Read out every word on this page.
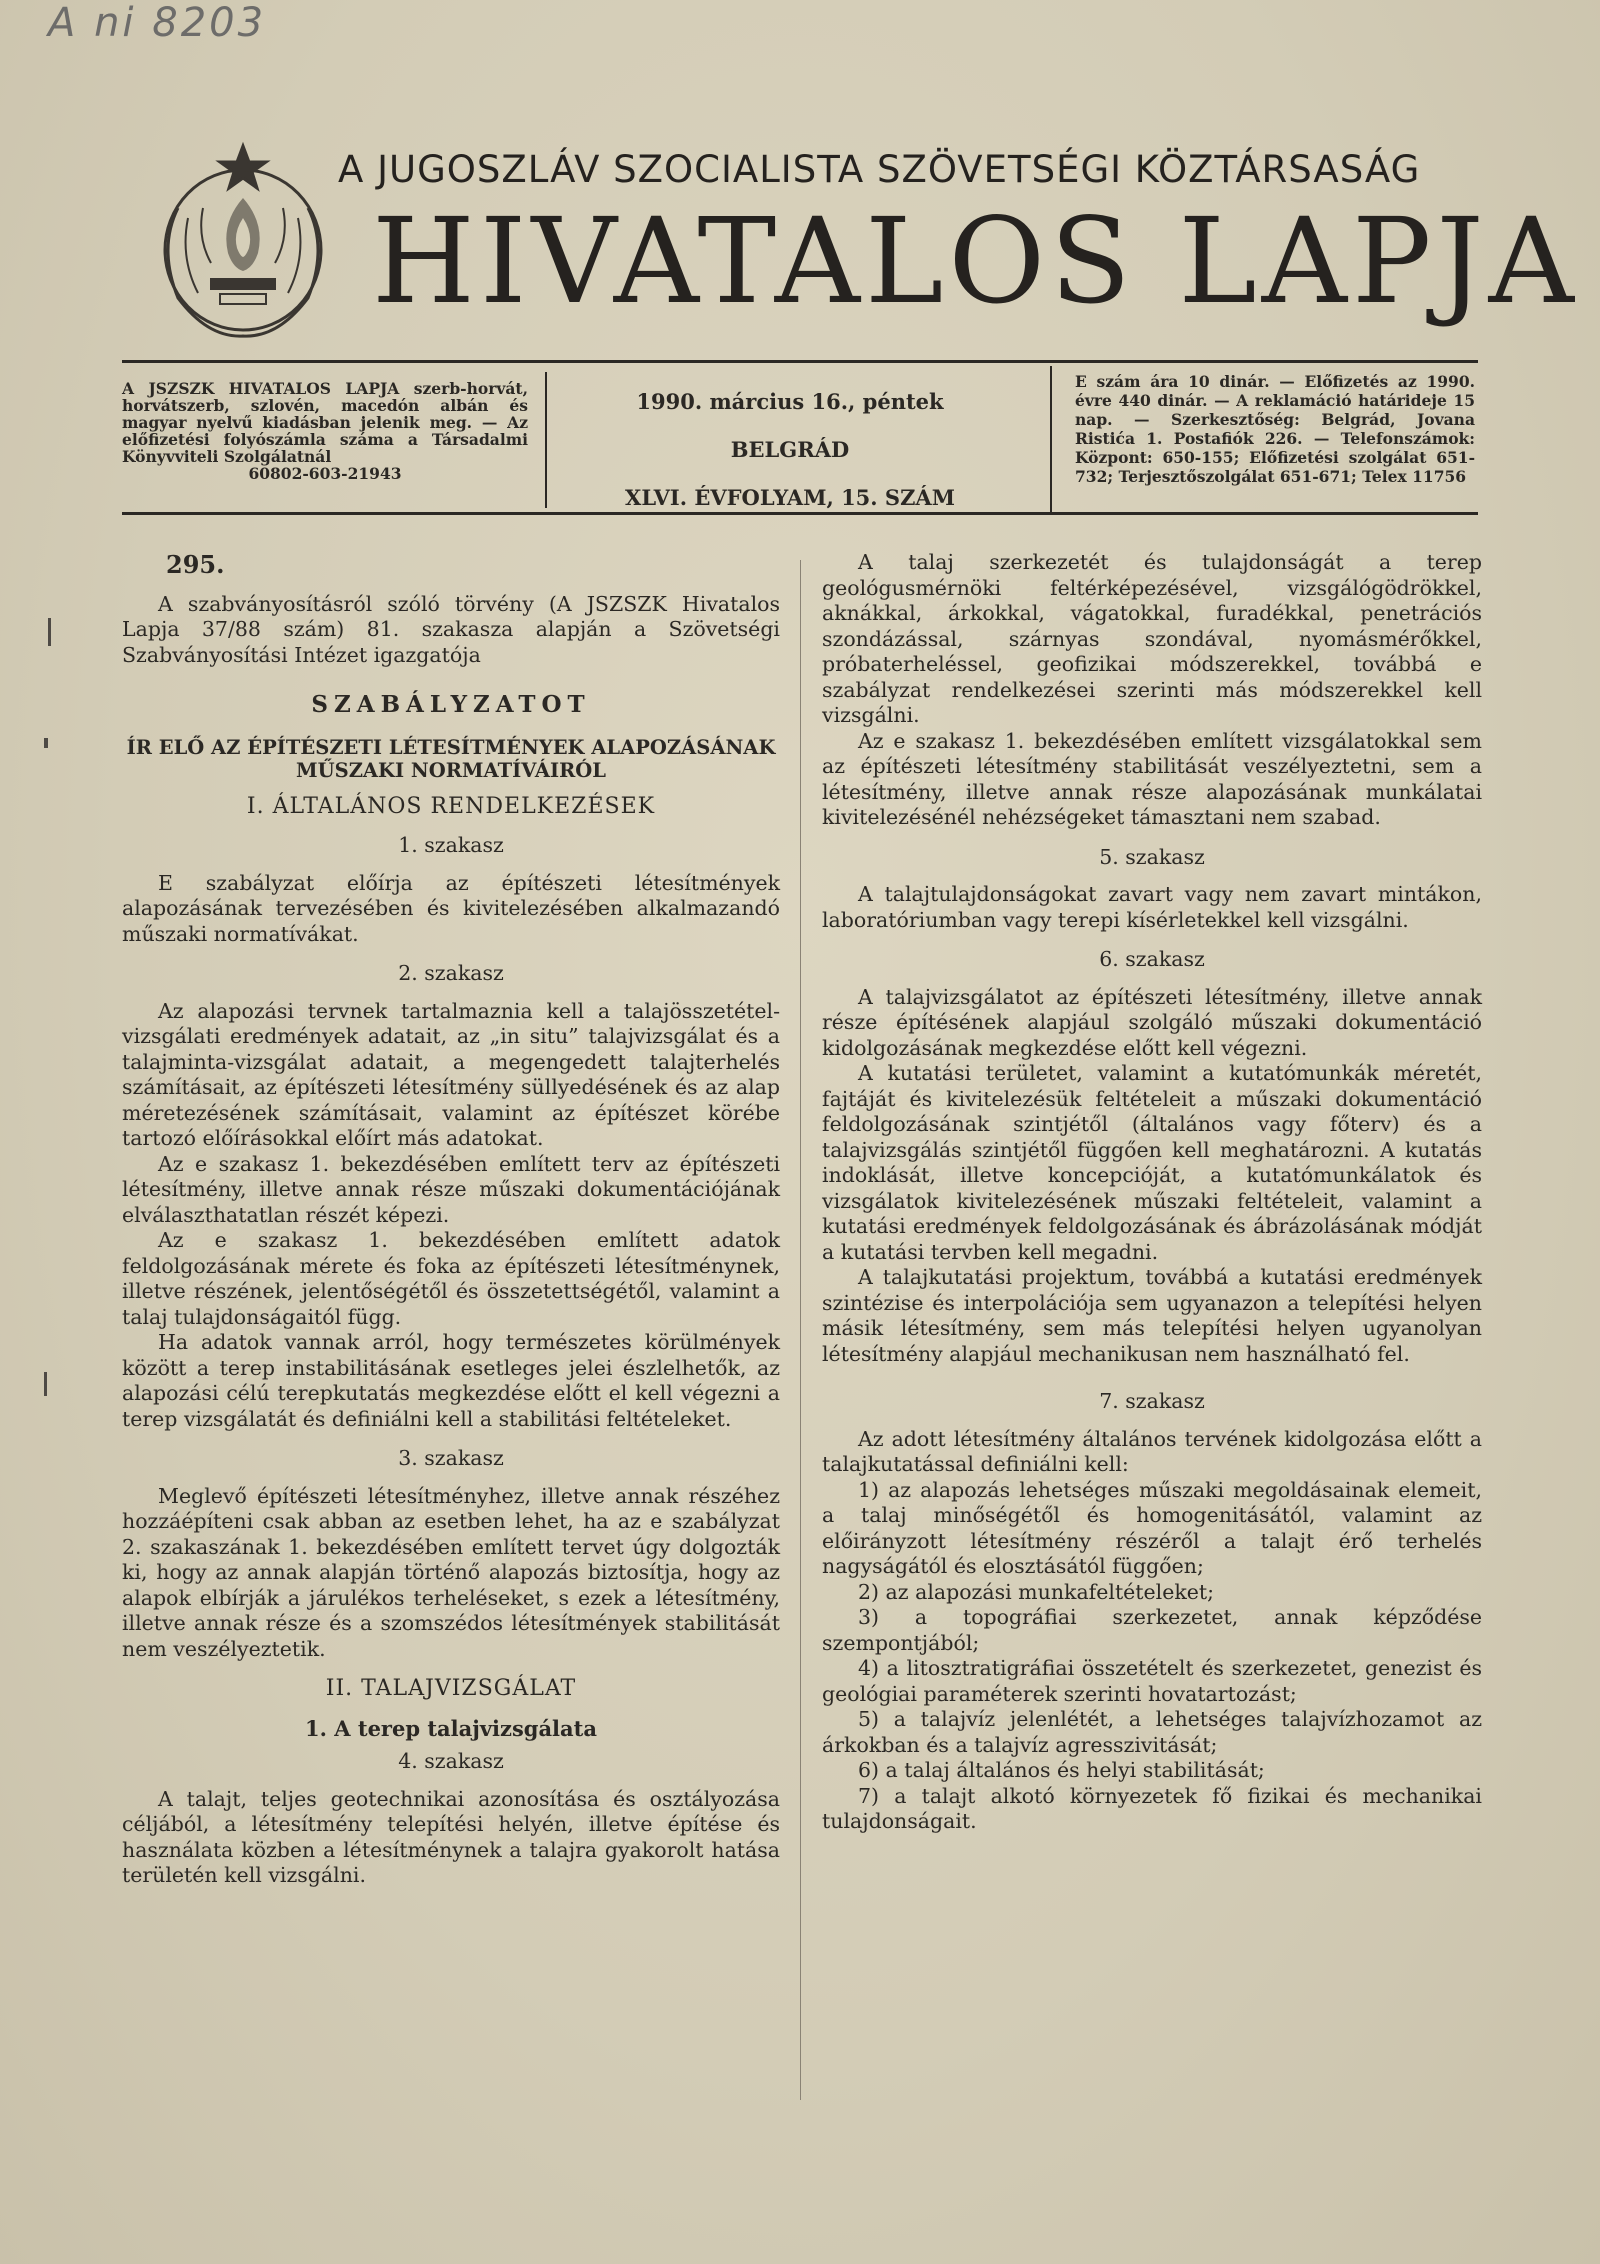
A ni 8203
A JUGOSZLÁV SZOCIALISTA SZÖVETSÉGI KÖZTÁRSASÁG
HIVATALOS LAPJA
A JSZSZK HIVATALOS LAPJA szerb-horvát, horvátszerb, szlovén, macedón albán és magyar nyelvű kiadásban jelenik meg. — Az előfizetési folyószámla száma a Társadalmi Könyvviteli Szolgálatnál
60802-603-21943
1990. március 16., péntek
BELGRÁD
XLVI. ÉVFOLYAM, 15. SZÁM
E szám ára 10 dinár. — Előfizetés az 1990. évre 440 dinár. — A reklamáció határideje 15 nap. — Szerkesztőség: Belgrád, Jovana Ristića 1. Postafiók 226. — Telefonszámok: Központ: 650-155; Előfizetési szolgálat 651-732; Terjesztőszolgálat 651-671; Telex 11756
295.

A szabványosításról szóló törvény (A JSZSZK Hivatalos Lapja 37/88 szám) 81. szakasza alapján a Szövetségi Szabványosítási Intézet igazgatója

SZABÁLYZATOT
ÍR ELŐ AZ ÉPÍTÉSZETI LÉTESÍTMÉNYEK ALAPOZÁSÁNAK MŰSZAKI NORMATÍVÁIRÓL
I. ÁLTALÁNOS RENDELKEZÉSEK
1. szakasz

E szabályzat előírja az építészeti létesítmények alapozásának tervezésében és kivitelezésében alkalmazandó műszaki normatívákat.

2. szakasz

Az alapozási tervnek tartalmaznia kell a talajösszetétel-vizsgálati eredmények adatait, az „in situ” talajvizsgálat és a talajminta-vizsgálat adatait, a megengedett talajterhelés számításait, az építészeti létesítmény süllyedésének és az alap méretezésének számításait, valamint az építészet körébe tartozó előírásokkal előírt más adatokat.

Az e szakasz 1. bekezdésében említett terv az építészeti létesítmény, illetve annak része műszaki dokumentációjának elválaszthatatlan részét képezi.

Az e szakasz 1. bekezdésében említett adatok feldolgozásának mérete és foka az építészeti létesítménynek, illetve részének, jelentőségétől és összetettségétől, valamint a talaj tulajdonságaitól függ.

Ha adatok vannak arról, hogy természetes körülmények között a terep instabilitásának esetleges jelei észlelhetők, az alapozási célú terepkutatás megkezdése előtt el kell végezni a terep vizsgálatát és definiálni kell a stabilitási feltételeket.

3. szakasz

Meglevő építészeti létesítményhez, illetve annak részéhez hozzáépíteni csak abban az esetben lehet, ha az e szabályzat 2. szakaszának 1. bekezdésében említett tervet úgy dolgozták ki, hogy az annak alapján történő alapozás biztosítja, hogy az alapok elbírják a járulékos terheléseket, s ezek a létesítmény, illetve annak része és a szomszédos létesítmények stabilitását nem veszélyeztetik.

II. TALAJVIZSGÁLAT
1. A terep talajvizsgálata
4. szakasz

A talajt, teljes geotechnikai azonosítása és osztályozása céljából, a létesítmény telepítési helyén, illetve építése és használata közben a létesítménynek a talajra gyakorolt hatása területén kell vizsgálni.

A talaj szerkezetét és tulajdonságát a terep geológusmérnöki feltérképezésével, vizsgálógödrökkel, aknákkal, árkokkal, vágatokkal, furadékkal, penetrációs szondázással, szárnyas szondával, nyomásmérőkkel, próbaterheléssel, geofizikai módszerekkel, továbbá e szabályzat rendelkezései szerinti más módszerekkel kell vizsgálni.

Az e szakasz 1. bekezdésében említett vizsgálatokkal sem az építészeti létesítmény stabilitását veszélyeztetni, sem a létesítmény, illetve annak része alapozásának munkálatai kivitelezésénél nehézségeket támasztani nem szabad.

5. szakasz

A talajtulajdonságokat zavart vagy nem zavart mintákon, laboratóriumban vagy terepi kísérletekkel kell vizsgálni.

6. szakasz

A talajvizsgálatot az építészeti létesítmény, illetve annak része építésének alapjául szolgáló műszaki dokumentáció kidolgozásának megkezdése előtt kell végezni.

A kutatási területet, valamint a kutatómunkák méretét, fajtáját és kivitelezésük feltételeit a műszaki dokumentáció feldolgozásának szintjétől (általános vagy főterv) és a talajvizsgálás szintjétől függően kell meghatározni. A kutatás indoklását, illetve koncepcióját, a kutatómunkálatok és vizsgálatok kivitelezésének műszaki feltételeit, valamint a kutatási eredmények feldolgozásának és ábrázolásának módját a kutatási tervben kell megadni.

A talajkutatási projektum, továbbá a kutatási eredmények szintézise és interpolációja sem ugyanazon a telepítési helyen másik létesítmény, sem más telepítési helyen ugyanolyan létesítmény alapjául mechanikusan nem használható fel.

7. szakasz

Az adott létesítmény általános tervének kidolgozása előtt a talajkutatással definiálni kell:

1) az alapozás lehetséges műszaki megoldásainak elemeit, a talaj minőségétől és homogenitásától, valamint az előirányzott létesítmény részéről a talajt érő terhelés nagyságától és elosztásától függően;

2) az alapozási munkafeltételeket;

3) a topográfiai szerkezetet, annak képződése szempontjából;

4) a litosztratigráfiai összetételt és szerkezetet, genezist és geológiai paraméterek szerinti hovatartozást;

5) a talajvíz jelenlétét, a lehetséges talajvízhozamot az árkokban és a talajvíz agresszivitását;

6) a talaj általános és helyi stabilitását;

7) a talajt alkotó környezetek fő fizikai és mechanikai tulajdonságait.
